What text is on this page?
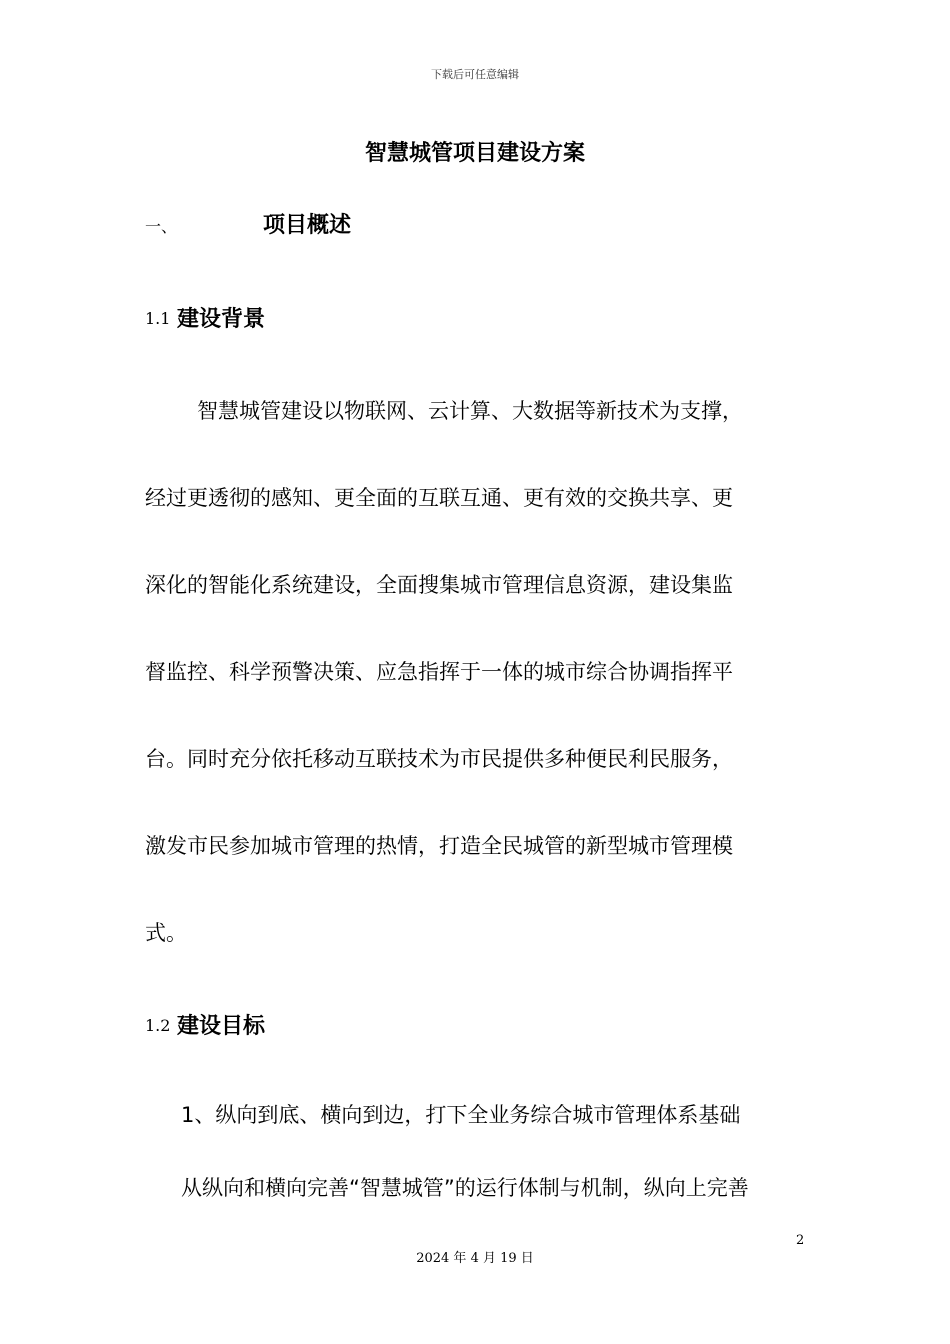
下载后可任意编辑
智慧城管项目建设方案
一、	项目概述
1.1 建设背景
智慧城管建设以物联网、云计算、大数据等新技术为支撑，
经过更透彻的感知、更全面的互联互通、更有效的交换共享、更
深化的智能化系统建设，全面搜集城市管理信息资源，建设集监
督监控、科学预警决策、应急指挥于一体的城市综合协调指挥平
台。同时充分依托移动互联技术为市民提供多种便民利民服务，
激发市民参加城市管理的热情，打造全民城管的新型城市管理模
式。
1.2 建设目标
1、纵向到底、横向到边，打下全业务综合城市管理体系基础
从纵向和横向完善“智慧城管”的运行体制与机制，纵向上完善
2
2024 年 4 月 19 日
